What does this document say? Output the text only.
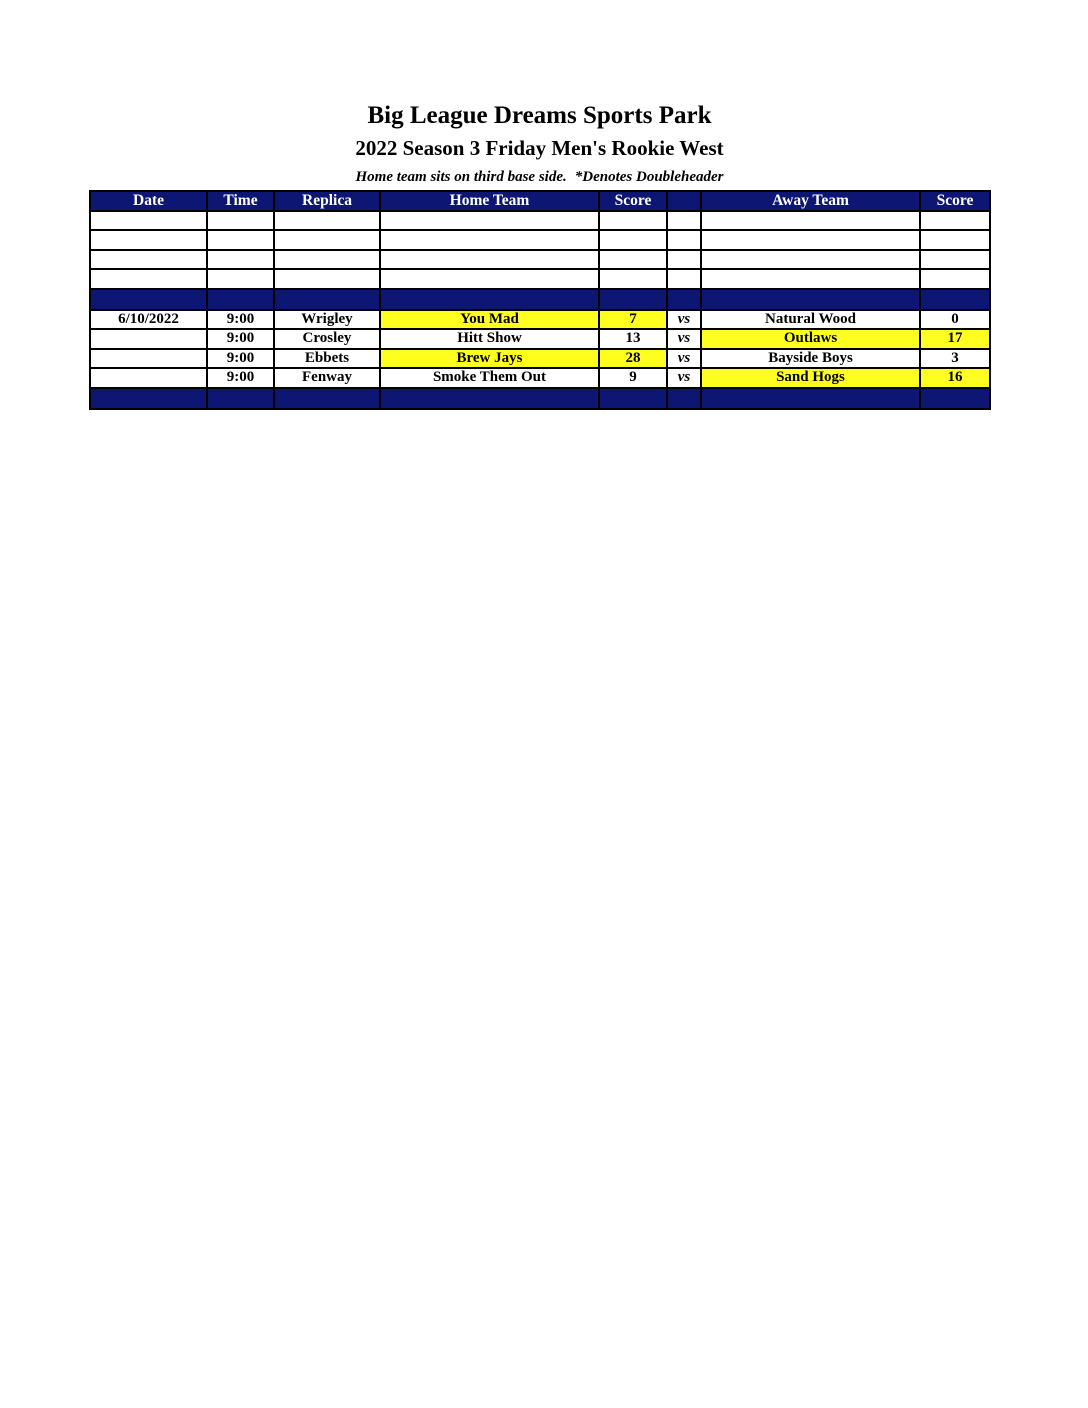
Big League Dreams Sports Park
2022 Season 3 Friday Men's Rookie West
Home team sits on third base side. *Denotes Doubleheader
Date	Time	Replica	Home Team	Score		Away Team	Score

6/10/2022	9:00	Wrigley	You Mad	7	vs	Natural Wood	0
	9:00	Crosley	Hitt Show	13	vs	Outlaws	17
	9:00	Ebbets	Brew Jays	28	vs	Bayside Boys	3
	9:00	Fenway	Smoke Them Out	9	vs	Sand Hogs	16
